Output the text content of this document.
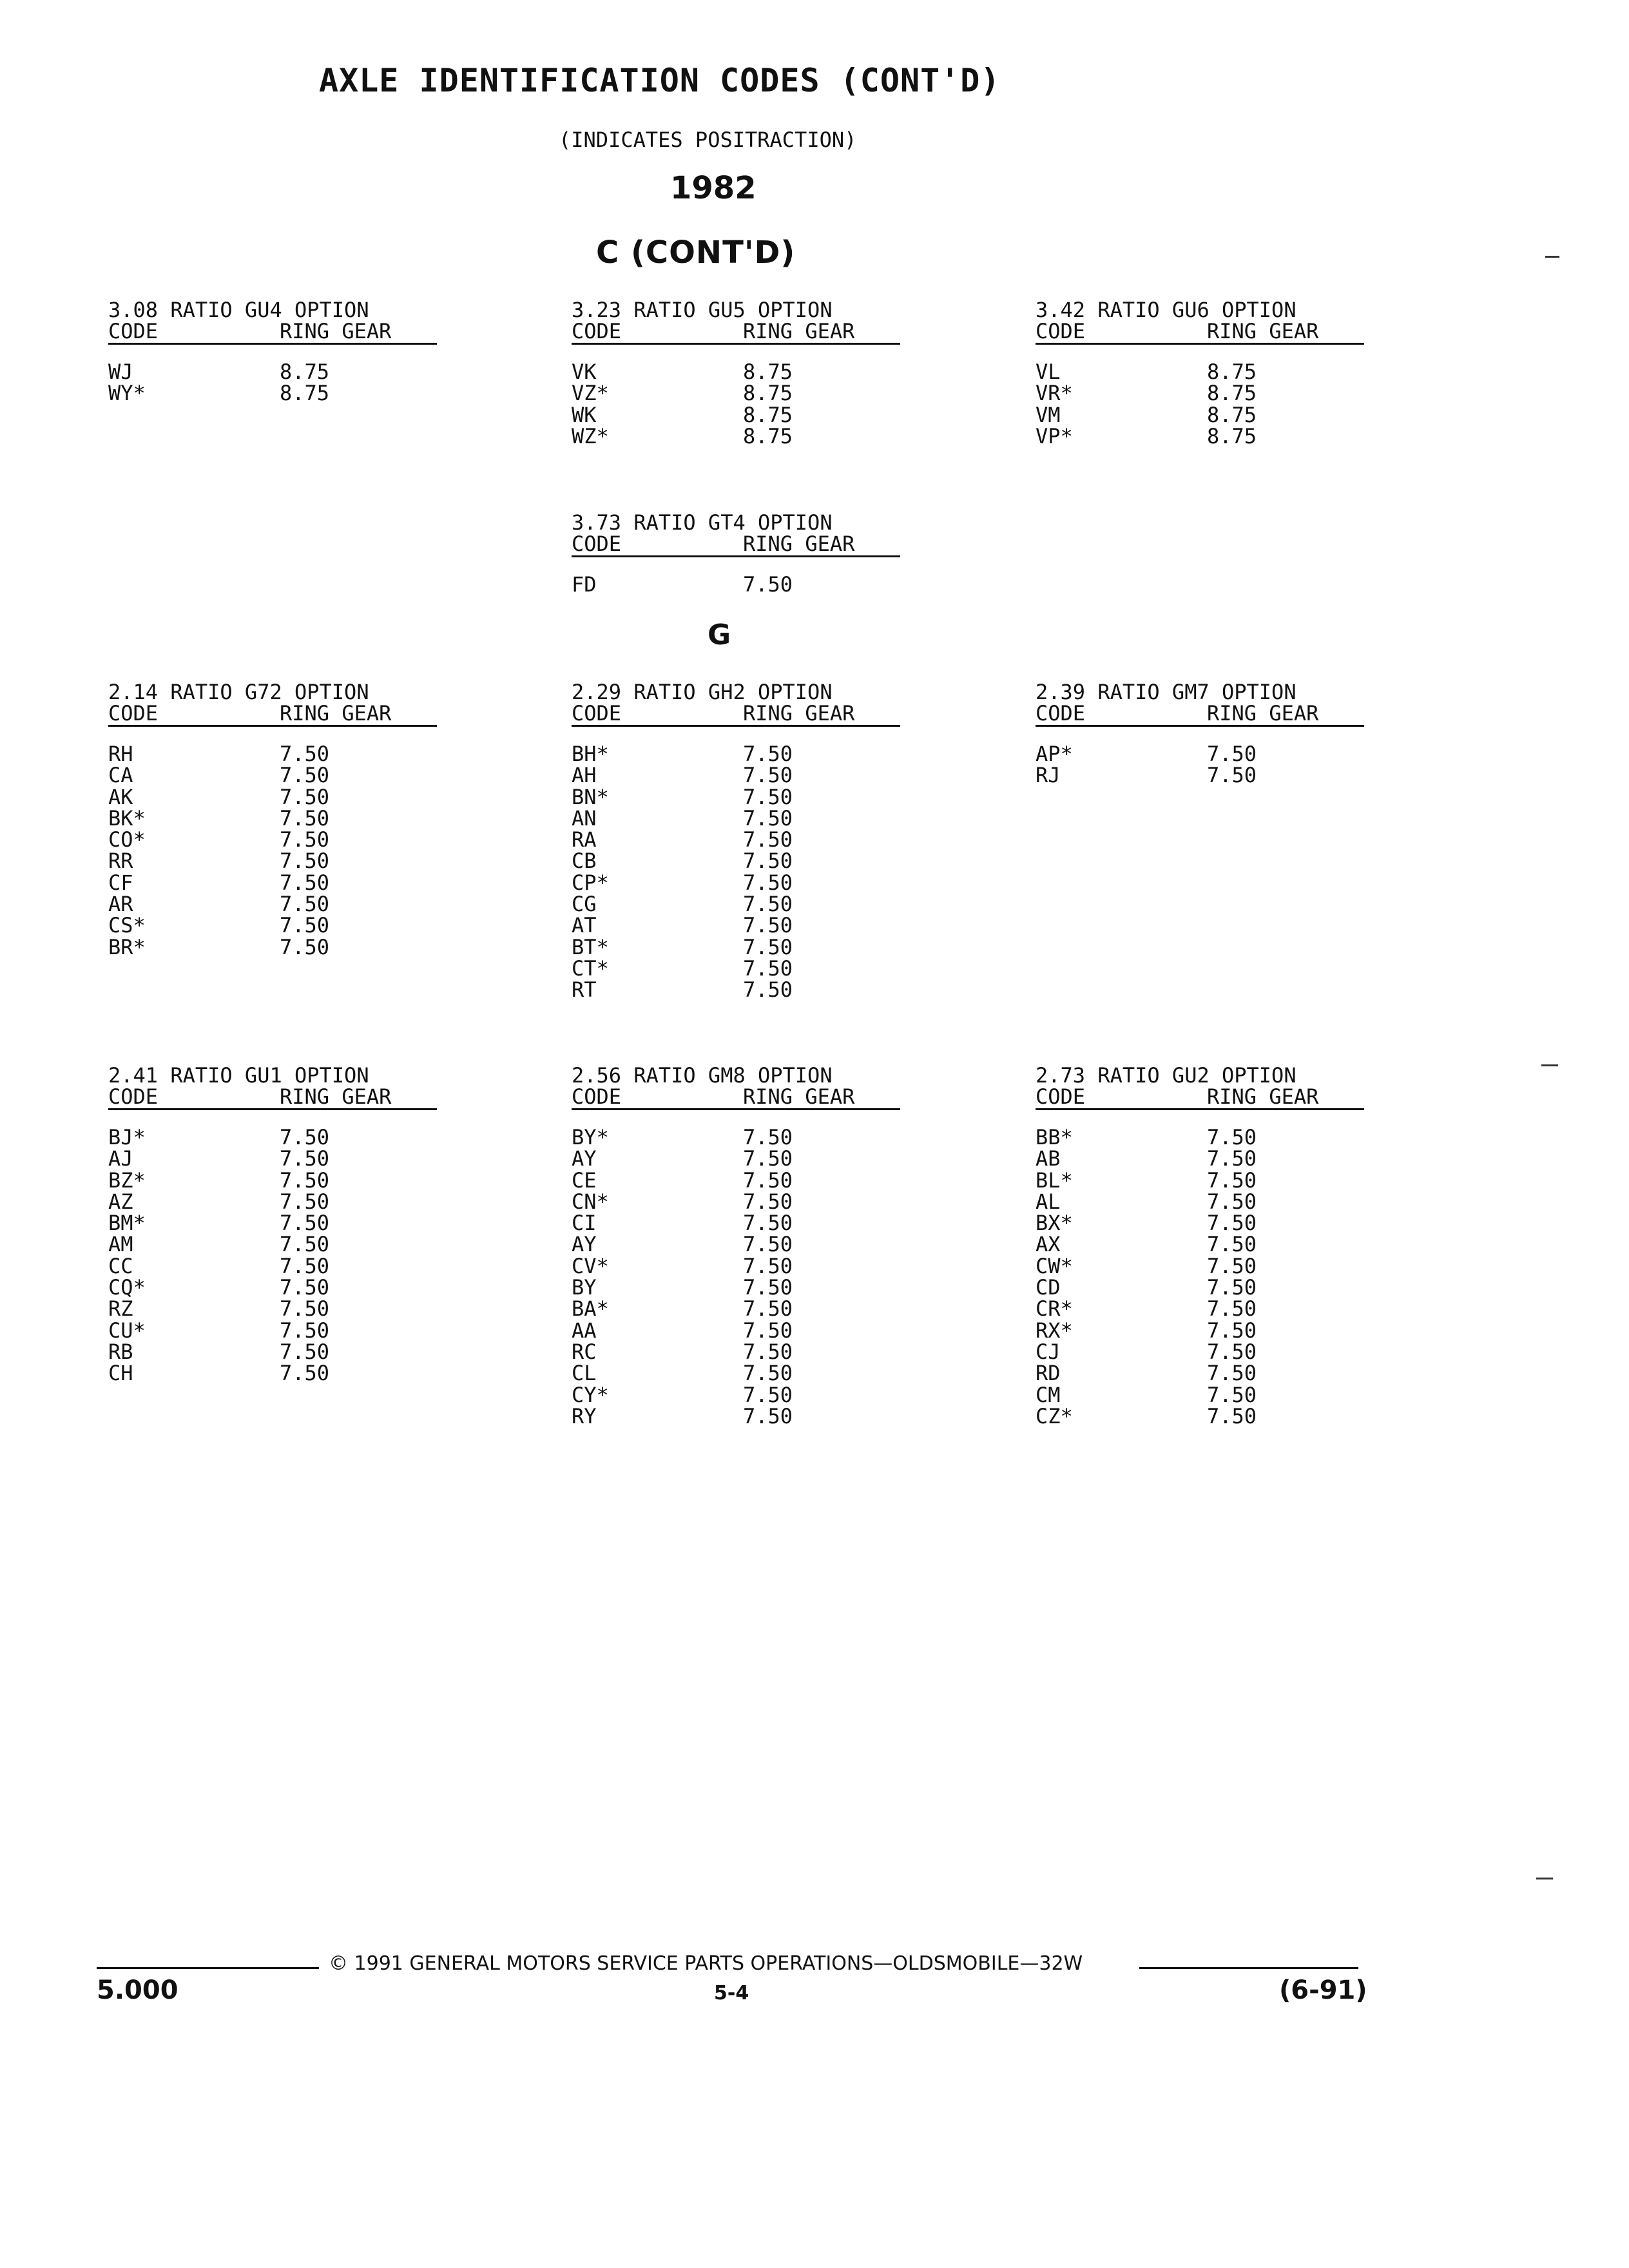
AXLE IDENTIFICATION CODES (CONT'D)
(INDICATES POSITRACTION)
1982
C (CONT'D)
G
3.08 RATIO GU4 OPTION
CODE	RING GEAR
WJ	8.75
WY*	8.75
3.23 RATIO GU5 OPTION
CODE	RING GEAR
VK	8.75
VZ*	8.75
WK	8.75
WZ*	8.75
3.42 RATIO GU6 OPTION
CODE	RING GEAR
VL	8.75
VR*	8.75
VM	8.75
VP*	8.75
3.73 RATIO GT4 OPTION
CODE	RING GEAR
FD	7.50
2.14 RATIO G72 OPTION
CODE	RING GEAR
RH	7.50
CA	7.50
AK	7.50
BK*	7.50
CO*	7.50
RR	7.50
CF	7.50
AR	7.50
CS*	7.50
BR*	7.50
2.29 RATIO GH2 OPTION
CODE	RING GEAR
BH*	7.50
AH	7.50
BN*	7.50
AN	7.50
RA	7.50
CB	7.50
CP*	7.50
CG	7.50
AT	7.50
BT*	7.50
CT*	7.50
RT	7.50
2.39 RATIO GM7 OPTION
CODE	RING GEAR
AP*	7.50
RJ	7.50
2.41 RATIO GU1 OPTION
CODE	RING GEAR
BJ*	7.50
AJ	7.50
BZ*	7.50
AZ	7.50
BM*	7.50
AM	7.50
CC	7.50
CQ*	7.50
RZ	7.50
CU*	7.50
RB	7.50
CH	7.50
2.56 RATIO GM8 OPTION
CODE	RING GEAR
BY*	7.50
AY	7.50
CE	7.50
CN*	7.50
CI	7.50
AY	7.50
CV*	7.50
BY	7.50
BA*	7.50
AA	7.50
RC	7.50
CL	7.50
CY*	7.50
RY	7.50
2.73 RATIO GU2 OPTION
CODE	RING GEAR
BB*	7.50
AB	7.50
BL*	7.50
AL	7.50
BX*	7.50
AX	7.50
CW*	7.50
CD	7.50
CR*	7.50
RX*	7.50
CJ	7.50
RD	7.50
CM	7.50
CZ*	7.50
© 1991 GENERAL MOTORS SERVICE PARTS OPERATIONS—OLDSMOBILE—32W
5.000	5-4	(6-91)
